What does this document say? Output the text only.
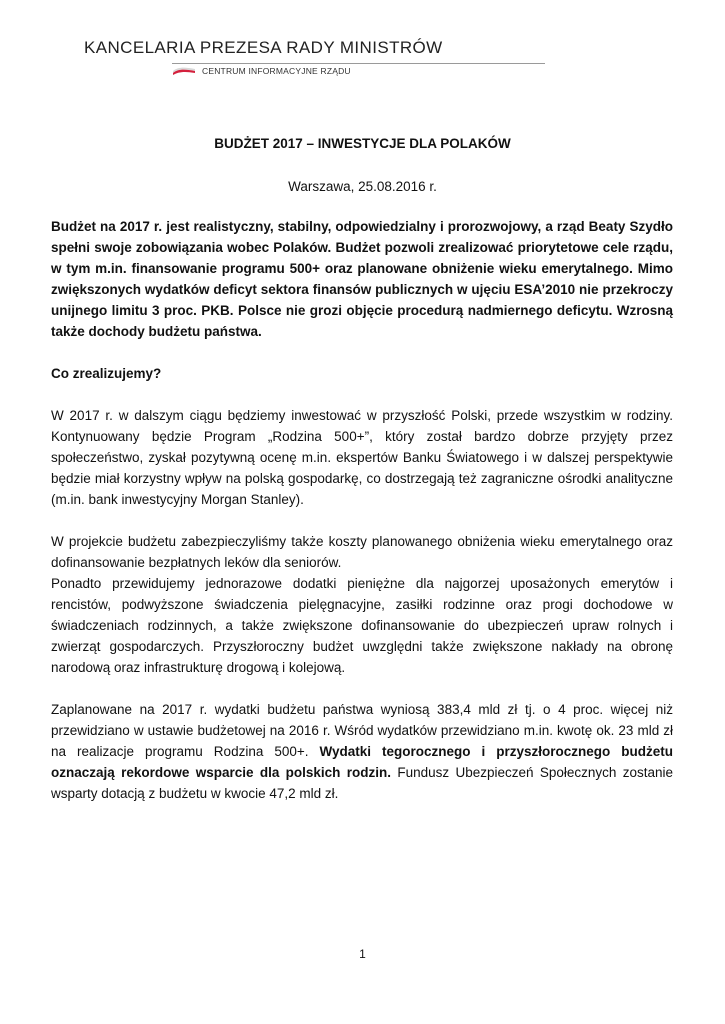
KANCELARIA PREZESA RADY MINISTRÓW
CENTRUM INFORMACYJNE RZĄDU
BUDŻET 2017 – INWESTYCJE DLA POLAKÓW
Warszawa, 25.08.2016 r.

Budżet na 2017 r. jest realistyczny, stabilny, odpowiedzialny i prorozwojowy, a rząd Beaty Szydło spełni swoje zobowiązania wobec Polaków. Budżet pozwoli zrealizować priorytetowe cele rządu, w tym m.in. finansowanie programu 500+ oraz planowane obniżenie wieku emerytalnego. Mimo zwiększonych wydatków deficyt sektora finansów publicznych w ujęciu ESA’2010 nie przekroczy unijnego limitu 3 proc. PKB. Polsce nie grozi objęcie procedurą nadmiernego deficytu. Wzrosną także dochody budżetu państwa.

Co zrealizujemy?

W 2017 r. w dalszym ciągu będziemy inwestować w przyszłość Polski, przede wszystkim w rodziny. Kontynuowany będzie Program „Rodzina 500+”, który został bardzo dobrze przyjęty przez społeczeństwo, zyskał pozytywną ocenę m.in. ekspertów Banku Światowego i w dalszej perspektywie będzie miał korzystny wpływ na polską gospodarkę, co dostrzegają też zagraniczne ośrodki analityczne (m.in. bank inwestycyjny Morgan Stanley).

W projekcie budżetu zabezpieczyliśmy także koszty planowanego obniżenia wieku emerytalnego oraz dofinansowanie bezpłatnych leków dla seniorów.

Ponadto przewidujemy jednorazowe dodatki pieniężne dla najgorzej uposażonych emerytów i rencistów, podwyższone świadczenia pielęgnacyjne, zasiłki rodzinne oraz progi dochodowe w świadczeniach rodzinnych, a także zwiększone dofinansowanie do ubezpieczeń upraw rolnych i zwierząt gospodarczych. Przyszłoroczny budżet uwzględni także zwiększone nakłady na obronę narodową oraz infrastrukturę drogową i kolejową.

Zaplanowane na 2017 r. wydatki budżetu państwa wyniosą 383,4 mld zł tj. o 4 proc. więcej niż przewidziano w ustawie budżetowej na 2016 r. Wśród wydatków przewidziano m.in. kwotę ok. 23 mld zł na realizacje programu Rodzina 500+. Wydatki tegorocznego i przyszłorocznego budżetu oznaczają rekordowe wsparcie dla polskich rodzin. Fundusz Ubezpieczeń Społecznych zostanie wsparty dotacją z budżetu w kwocie 47,2 mld zł.

1
